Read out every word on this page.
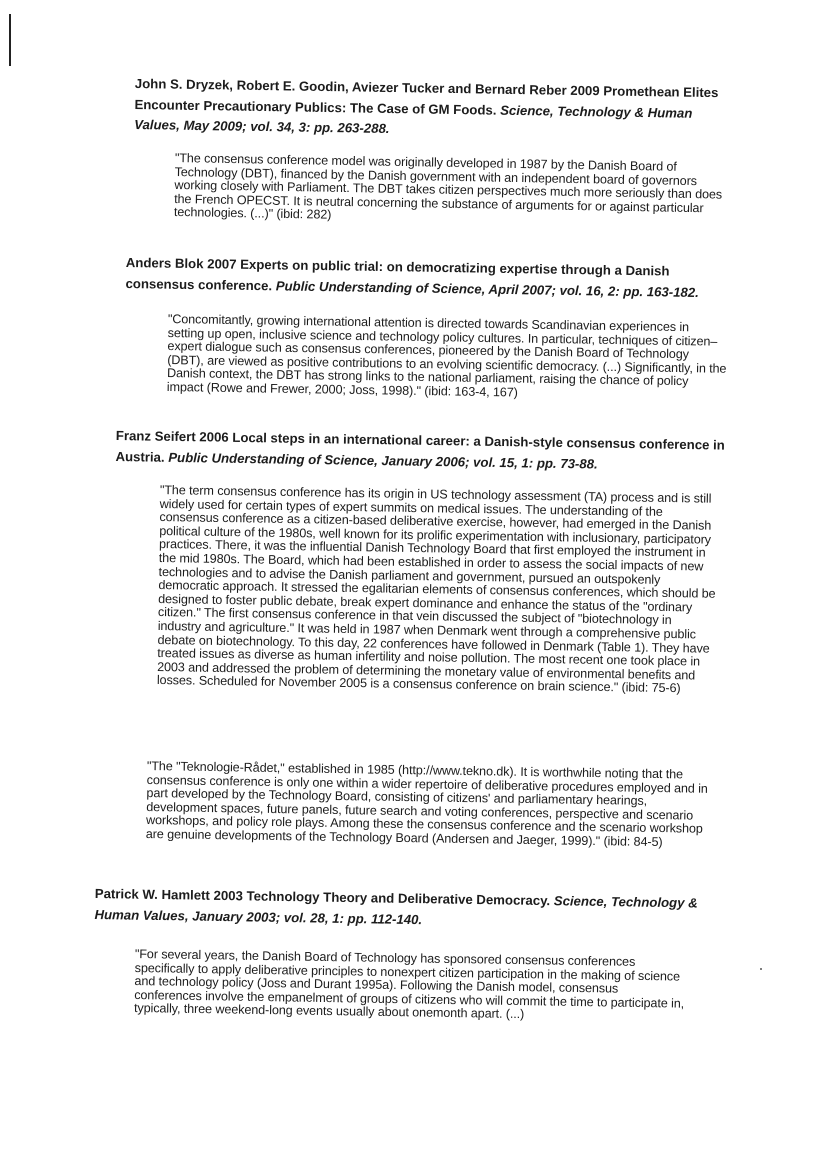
John S. Dryzek, Robert E. Goodin, Aviezer Tucker and Bernard Reber 2009 Promethean Elites Encounter Precautionary Publics: The Case of GM Foods. Science, Technology & Human Values, May 2009; vol. 34, 3: pp. 263-288.

"The consensus conference model was originally developed in 1987 by the Danish Board of Technology (DBT), financed by the Danish government with an independent board of governors working closely with Parliament. The DBT takes citizen perspectives much more seriously than does the French OPECST. It is neutral concerning the substance of arguments for or against particular technologies. (...)" (ibid: 282)

Anders Blok 2007 Experts on public trial: on democratizing expertise through a Danish consensus conference. Public Understanding of Science, April 2007; vol. 16, 2: pp. 163-182.

"Concomitantly, growing international attention is directed towards Scandinavian experiences in setting up open, inclusive science and technology policy cultures. In particular, techniques of citizen–expert dialogue such as consensus conferences, pioneered by the Danish Board of Technology (DBT), are viewed as positive contributions to an evolving scientific democracy. (...) Significantly, in the Danish context, the DBT has strong links to the national parliament, raising the chance of policy impact (Rowe and Frewer, 2000; Joss, 1998)." (ibid: 163-4, 167)

Franz Seifert 2006 Local steps in an international career: a Danish-style consensus conference in Austria. Public Understanding of Science, January 2006; vol. 15, 1: pp. 73-88.

"The term consensus conference has its origin in US technology assessment (TA) process and is still widely used for certain types of expert summits on medical issues. The understanding of the consensus conference as a citizen-based deliberative exercise, however, had emerged in the Danish political culture of the 1980s, well known for its prolific experimentation with inclusionary, participatory practices. There, it was the influential Danish Technology Board that first employed the instrument in the mid 1980s. The Board, which had been established in order to assess the social impacts of new technologies and to advise the Danish parliament and government, pursued an outspokenly democratic approach. It stressed the egalitarian elements of consensus conferences, which should be designed to foster public debate, break expert dominance and enhance the status of the "ordinary citizen." The first consensus conference in that vein discussed the subject of "biotechnology in industry and agriculture." It was held in 1987 when Denmark went through a comprehensive public debate on biotechnology. To this day, 22 conferences have followed in Denmark (Table 1). They have treated issues as diverse as human infertility and noise pollution. The most recent one took place in 2003 and addressed the problem of determining the monetary value of environmental benefits and losses. Scheduled for November 2005 is a consensus conference on brain science." (ibid: 75-6)

"The "Teknologie-Rådet," established in 1985 (http://www.tekno.dk). It is worthwhile noting that the consensus conference is only one within a wider repertoire of deliberative procedures employed and in part developed by the Technology Board, consisting of citizens' and parliamentary hearings, development spaces, future panels, future search and voting conferences, perspective and scenario workshops, and policy role plays. Among these the consensus conference and the scenario workshop are genuine developments of the Technology Board (Andersen and Jaeger, 1999)." (ibid: 84-5)

Patrick W. Hamlett 2003 Technology Theory and Deliberative Democracy. Science, Technology & Human Values, January 2003; vol. 28, 1: pp. 112-140.

"For several years, the Danish Board of Technology has sponsored consensus conferences specifically to apply deliberative principles to nonexpert citizen participation in the making of science and technology policy (Joss and Durant 1995a). Following the Danish model, consensus conferences involve the empanelment of groups of citizens who will commit the time to participate in, typically, three weekend-long events usually about onemonth apart. (...)
